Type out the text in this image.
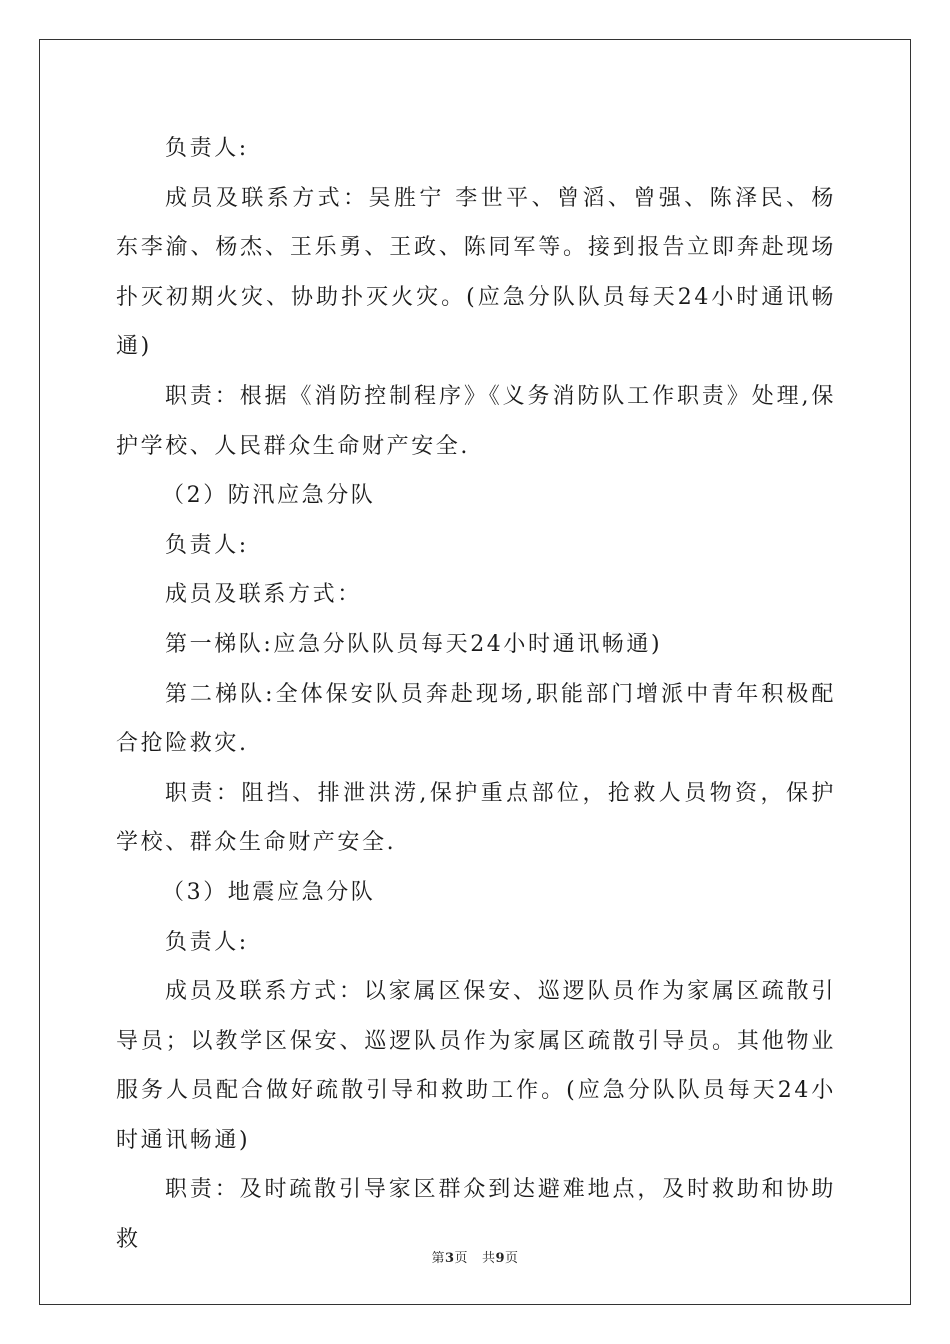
负责人:

成员及联系方式：吴胜宁 李世平、曾滔、曾强、陈泽民、杨东李渝、杨杰、王乐勇、王政、陈同军等。接到报告立即奔赴现场扑灭初期火灾、协助扑灭火灾。(应急分队队员每天24小时通讯畅通)

职责：根据《消防控制程序》《义务消防队工作职责》处理,保护学校、人民群众生命财产安全.

（2）防汛应急分队

负责人:

成员及联系方式：

第一梯队:应急分队队员每天24小时通讯畅通)

第二梯队:全体保安队员奔赴现场,职能部门增派中青年积极配合抢险救灾.

职责：阻挡、排泄洪涝,保护重点部位，抢救人员物资，保护学校、群众生命财产安全.

（3）地震应急分队

负责人:

成员及联系方式：以家属区保安、巡逻队员作为家属区疏散引导员；以教学区保安、巡逻队员作为家属区疏散引导员。其他物业服务人员配合做好疏散引导和救助工作。(应急分队队员每天24小时通讯畅通)

职责：及时疏散引导家区群众到达避难地点，及时救助和协助救

第3页 共9页
